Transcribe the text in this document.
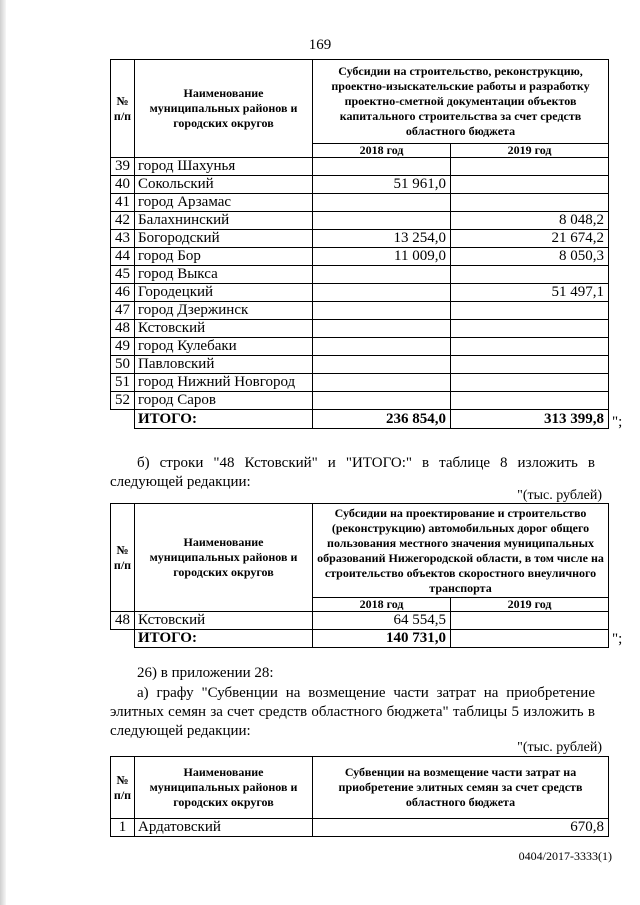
169
№ п/п	Наименование муниципальных районов и городских округов	Субсидии на строительство, реконструкцию, проектно-изыскательские работы и разработку проектно-сметной документации объектов капитального строительства за счет средств областного бюджета	
		2018 год	2019 год
39	город Шахунья		
40	Сокольский	51 961,0	
41	город Арзамас		
42	Балахнинский		8 048,2
43	Богородский	13 254,0	21 674,2
44	город Бор	11 009,0	8 050,3
45	город Выкса		
46	Городецкий		51 497,1
47	город Дзержинск		
48	Кстовский		
49	город Кулебаки		
50	Павловский		
51	город Нижний Новгород		
52	город Саров		
	ИТОГО:	236 854,0	313 399,8 ";

б) строки "48 Кстовский" и "ИТОГО:" в таблице 8 изложить в

следующей редакции:

"(тыс. рублей)

№ п/п	Наименование муниципальных районов и городских округов	Субсидии на проектирование и строительство (реконструкцию) автомобильных дорог общего пользования местного значения муниципальных образований Нижегородской области, в том числе на строительство объектов скоростного внеуличного транспорта	
		2018 год	2019 год
48	Кстовский	64 554,5	
	ИТОГО:	140 731,0		";

26) в приложении 28:

а) графу "Субвенции на возмещение части затрат на приобретение

элитных семян за счет средств областного бюджета" таблицы 5 изложить в

следующей редакции:

"(тыс. рублей)

№ п/п	Наименование муниципальных районов и городских округов	Субвенции на возмещение части затрат на приобретение элитных семян за счет средств областного бюджета
1	Ардатовский	670,8
0404/2017-3333(1)
